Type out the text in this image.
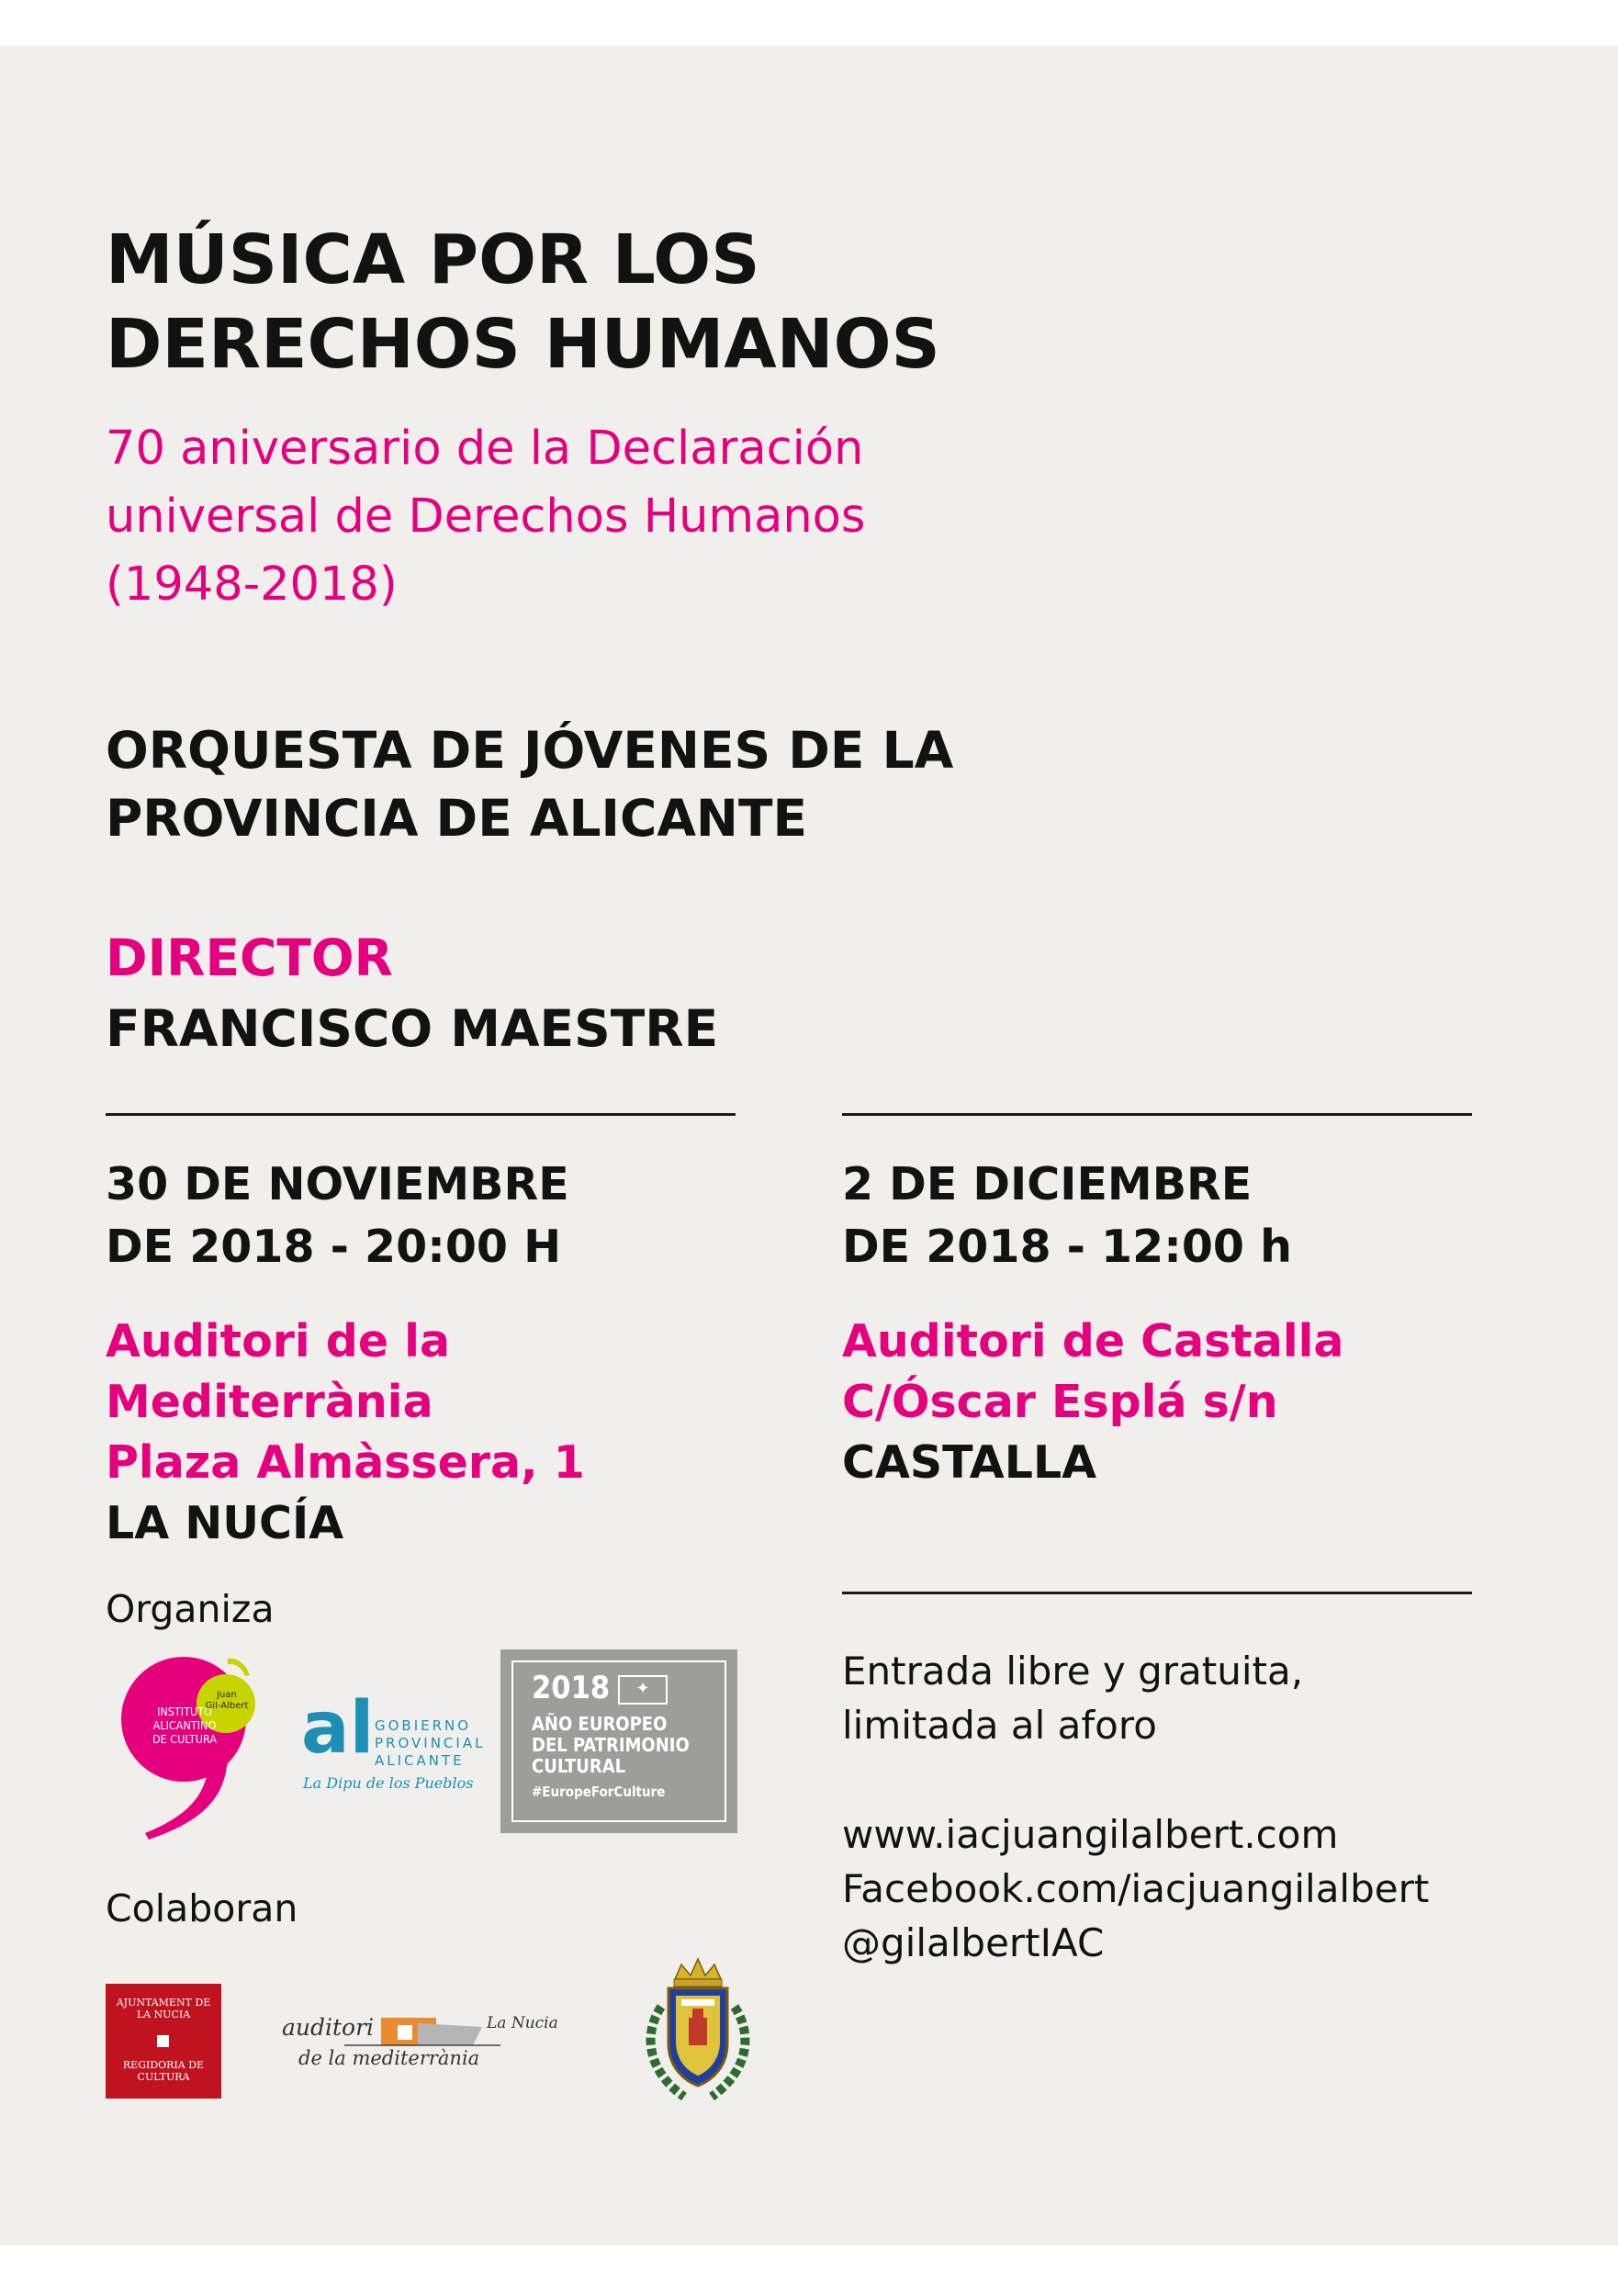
MÚSICA POR LOS
DERECHOS HUMANOS
70 aniversario de la Declaración
universal de Derechos Humanos
(1948-2018)
ORQUESTA DE JÓVENES DE LA
PROVINCIA DE ALICANTE
DIRECTOR
FRANCISCO MAESTRE
30 DE NOVIEMBRE
DE 2018 - 20:00 H
Auditori de la Mediterrània
Plaza Almàssera, 1
LA NUCÍA
2 DE DICIEMBRE
DE 2018 - 12:00 h
Auditori de Castalla
C/Óscar Esplá s/n
CASTALLA
Entrada libre y gratuita,
limitada al aforo
www.iacjuangilalbert.com
Facebook.com/iacjuangilalbert
@gilalbertIAC
Organiza
INSTITUTO
ALICANTINO
DE CULTURA
Juan
Gil-Albert al GOBIERNO
PROVINCIAL
ALICANTE
La Dipu de los Pueblos
2018	✦
AÑO EUROPEO
DEL PATRIMONIO
CULTURAL
#EuropeForCulture
Colaboran
AJUNTAMENT DE
LA NUCIA
REGIDORIA DE
CULTURA
auditori	La Nucia
de la mediterrània
